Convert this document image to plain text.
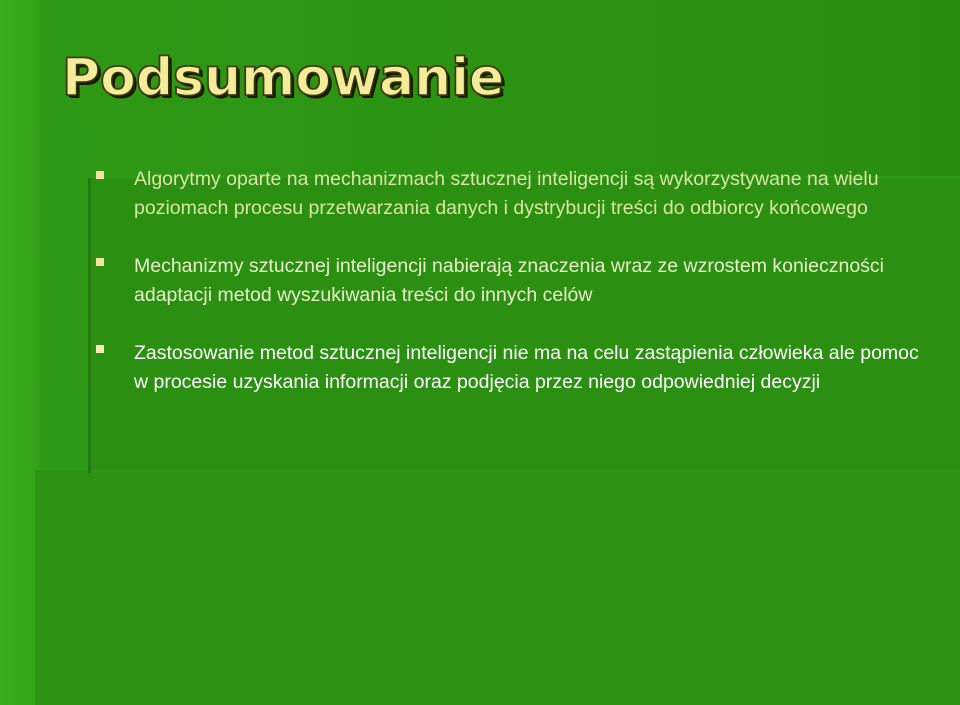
Podsumowanie
Algorytmy oparte na mechanizmach sztucznej inteligencji są wykorzystywane na wielu poziomach procesu przetwarzania danych i dystrybucji treści do odbiorcy końcowego
Mechanizmy sztucznej inteligencji nabierają znaczenia wraz ze wzrostem konieczności adaptacji metod wyszukiwania treści do innych celów
Zastosowanie metod sztucznej inteligencji nie ma na celu zastąpienia człowieka ale pomoc w procesie uzyskania informacji oraz podjęcia przez niego odpowiedniej decyzji
